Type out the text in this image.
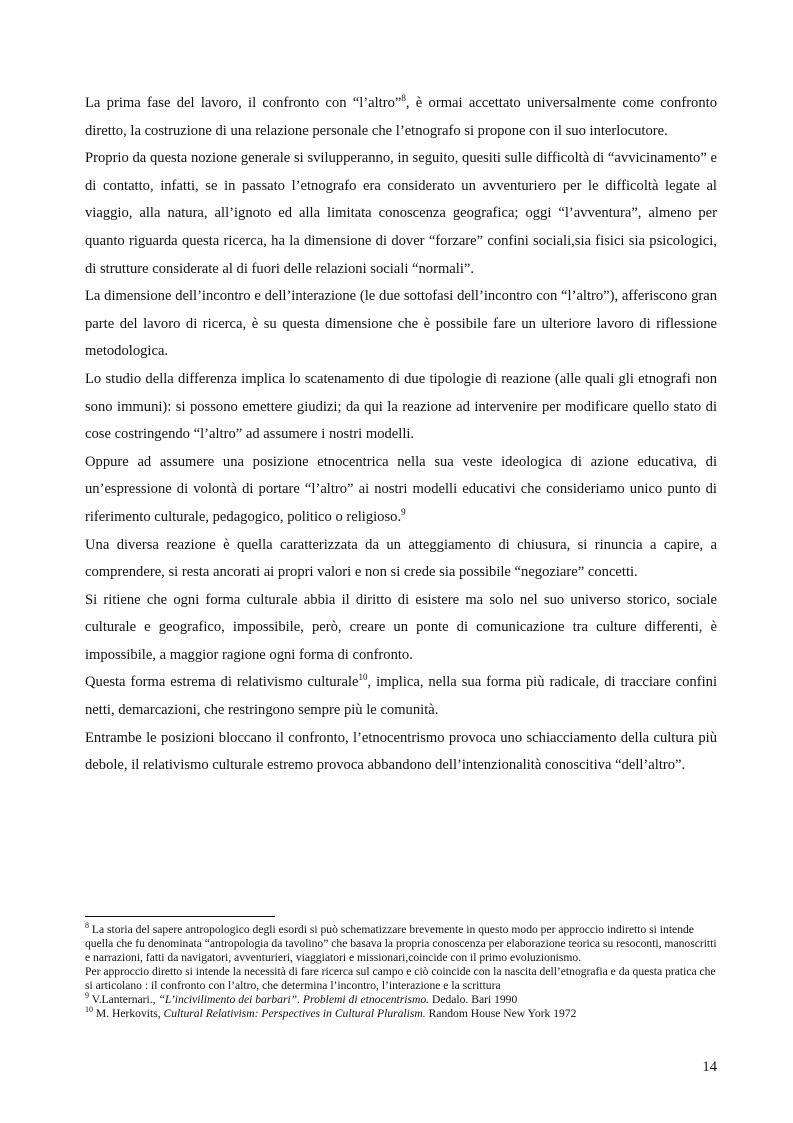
La prima fase del lavoro, il confronto con “l’altro”$^8$, è ormai accettato universalmente come confronto diretto, la costruzione di una relazione personale che l’etnografo si propone con il suo interlocutore.

Proprio da questa nozione generale si svilupperanno, in seguito, quesiti sulle difficoltà di “avvicinamento” e di contatto, infatti, se in passato l’etnografo era considerato un avventuriero per le difficoltà legate al viaggio, alla natura, all’ignoto ed alla limitata conoscenza geografica; oggi “l’avventura”, almeno per quanto riguarda questa ricerca, ha la dimensione di dover “forzare” confini sociali,sia fisici sia psicologici, di strutture considerate al di fuori delle relazioni sociali “normali”.

La dimensione dell’incontro e dell’interazione (le due sottofasi dell’incontro con “l’altro”), afferiscono gran parte del lavoro di ricerca, è su questa dimensione che è possibile fare un ulteriore lavoro di riflessione metodologica.

Lo studio della differenza implica lo scatenamento di due tipologie di reazione (alle quali gli etnografi non sono immuni): si possono emettere giudizi; da qui la reazione ad intervenire per modificare quello stato di cose costringendo “l’altro” ad assumere i nostri modelli.

Oppure ad assumere una posizione etnocentrica nella sua veste ideologica di azione educativa, di un’espressione di volontà di portare “l’altro” ai nostri modelli educativi che consideriamo unico punto di riferimento culturale, pedagogico, politico o religioso.$^9$

Una diversa reazione è quella caratterizzata da un atteggiamento di chiusura, si rinuncia a capire, a comprendere, si resta ancorati ai propri valori e non si crede sia possibile “negoziare” concetti.

Si ritiene che ogni forma culturale abbia il diritto di esistere ma solo nel suo universo storico, sociale culturale e geografico, impossibile, però, creare un ponte di comunicazione tra culture differenti, è impossibile, a maggior ragione ogni forma di confronto.

Questa forma estrema di relativismo culturale$^{10}$, implica, nella sua forma più radicale, di tracciare confini netti, demarcazioni, che restringono sempre più le comunità.

Entrambe le posizioni bloccano il confronto, l’etnocentrismo provoca uno schiacciamento della cultura più debole, il relativismo culturale estremo provoca abbandono dell’intenzionalità conoscitiva “dell’altro”.

$^8$ La storia del sapere antropologico degli esordi si può schematizzare brevemente in questo modo per approccio indiretto si intende quella che fu denominata “antropologia da tavolino” che basava la propria conoscenza per elaborazione teorica su resoconti, manoscritti e narrazioni, fatti da navigatori, avventurieri, viaggiatori e missionari,coincide con il primo evoluzionismo.

Per approccio diretto si intende la necessità di fare ricerca sul campo e ciò coincide con la nascita dell’etnografia e da questa pratica che si articolano : il confronto con l’altro, che determina l’incontro, l’interazione e la scrittura

$^9$ V.Lanternari., “L’incivilimento dei barbari”. Problemi di etnocentrismo. Dedalo. Bari 1990

$^{10}$ M. Herkovits, Cultural Relativism: Perspectives in Cultural Pluralism. Random House New York 1972

14
